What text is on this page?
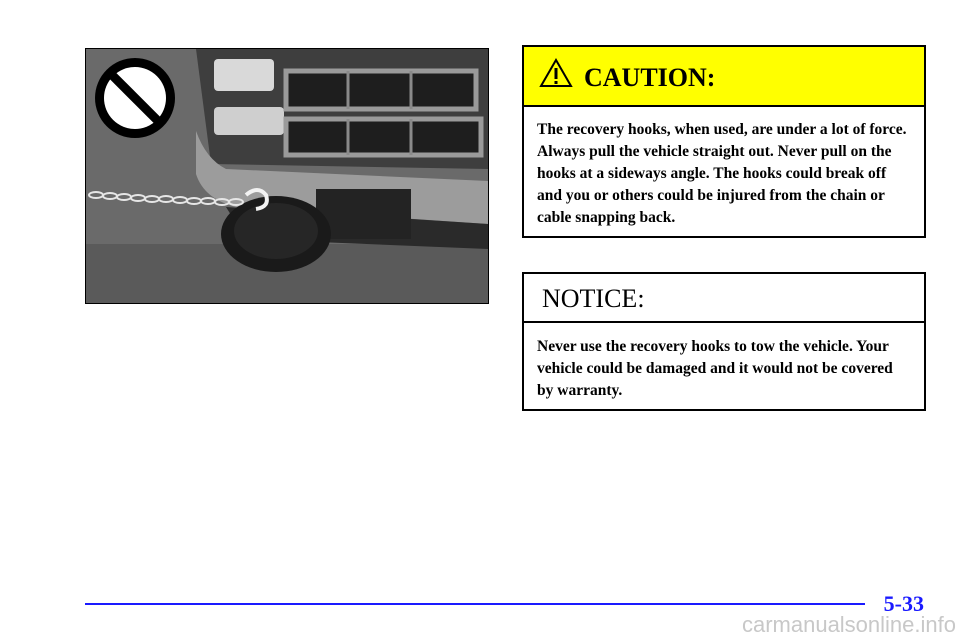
CAUTION:
The recovery hooks, when used, are under a lot of force. Always pull the vehicle straight out. Never pull on the hooks at a sideways angle. The hooks could break off and you or others could be injured from the chain or cable snapping back.
NOTICE:
Never use the recovery hooks to tow the vehicle. Your vehicle could be damaged and it would not be covered by warranty.
5-33
carmanualsonline.info
